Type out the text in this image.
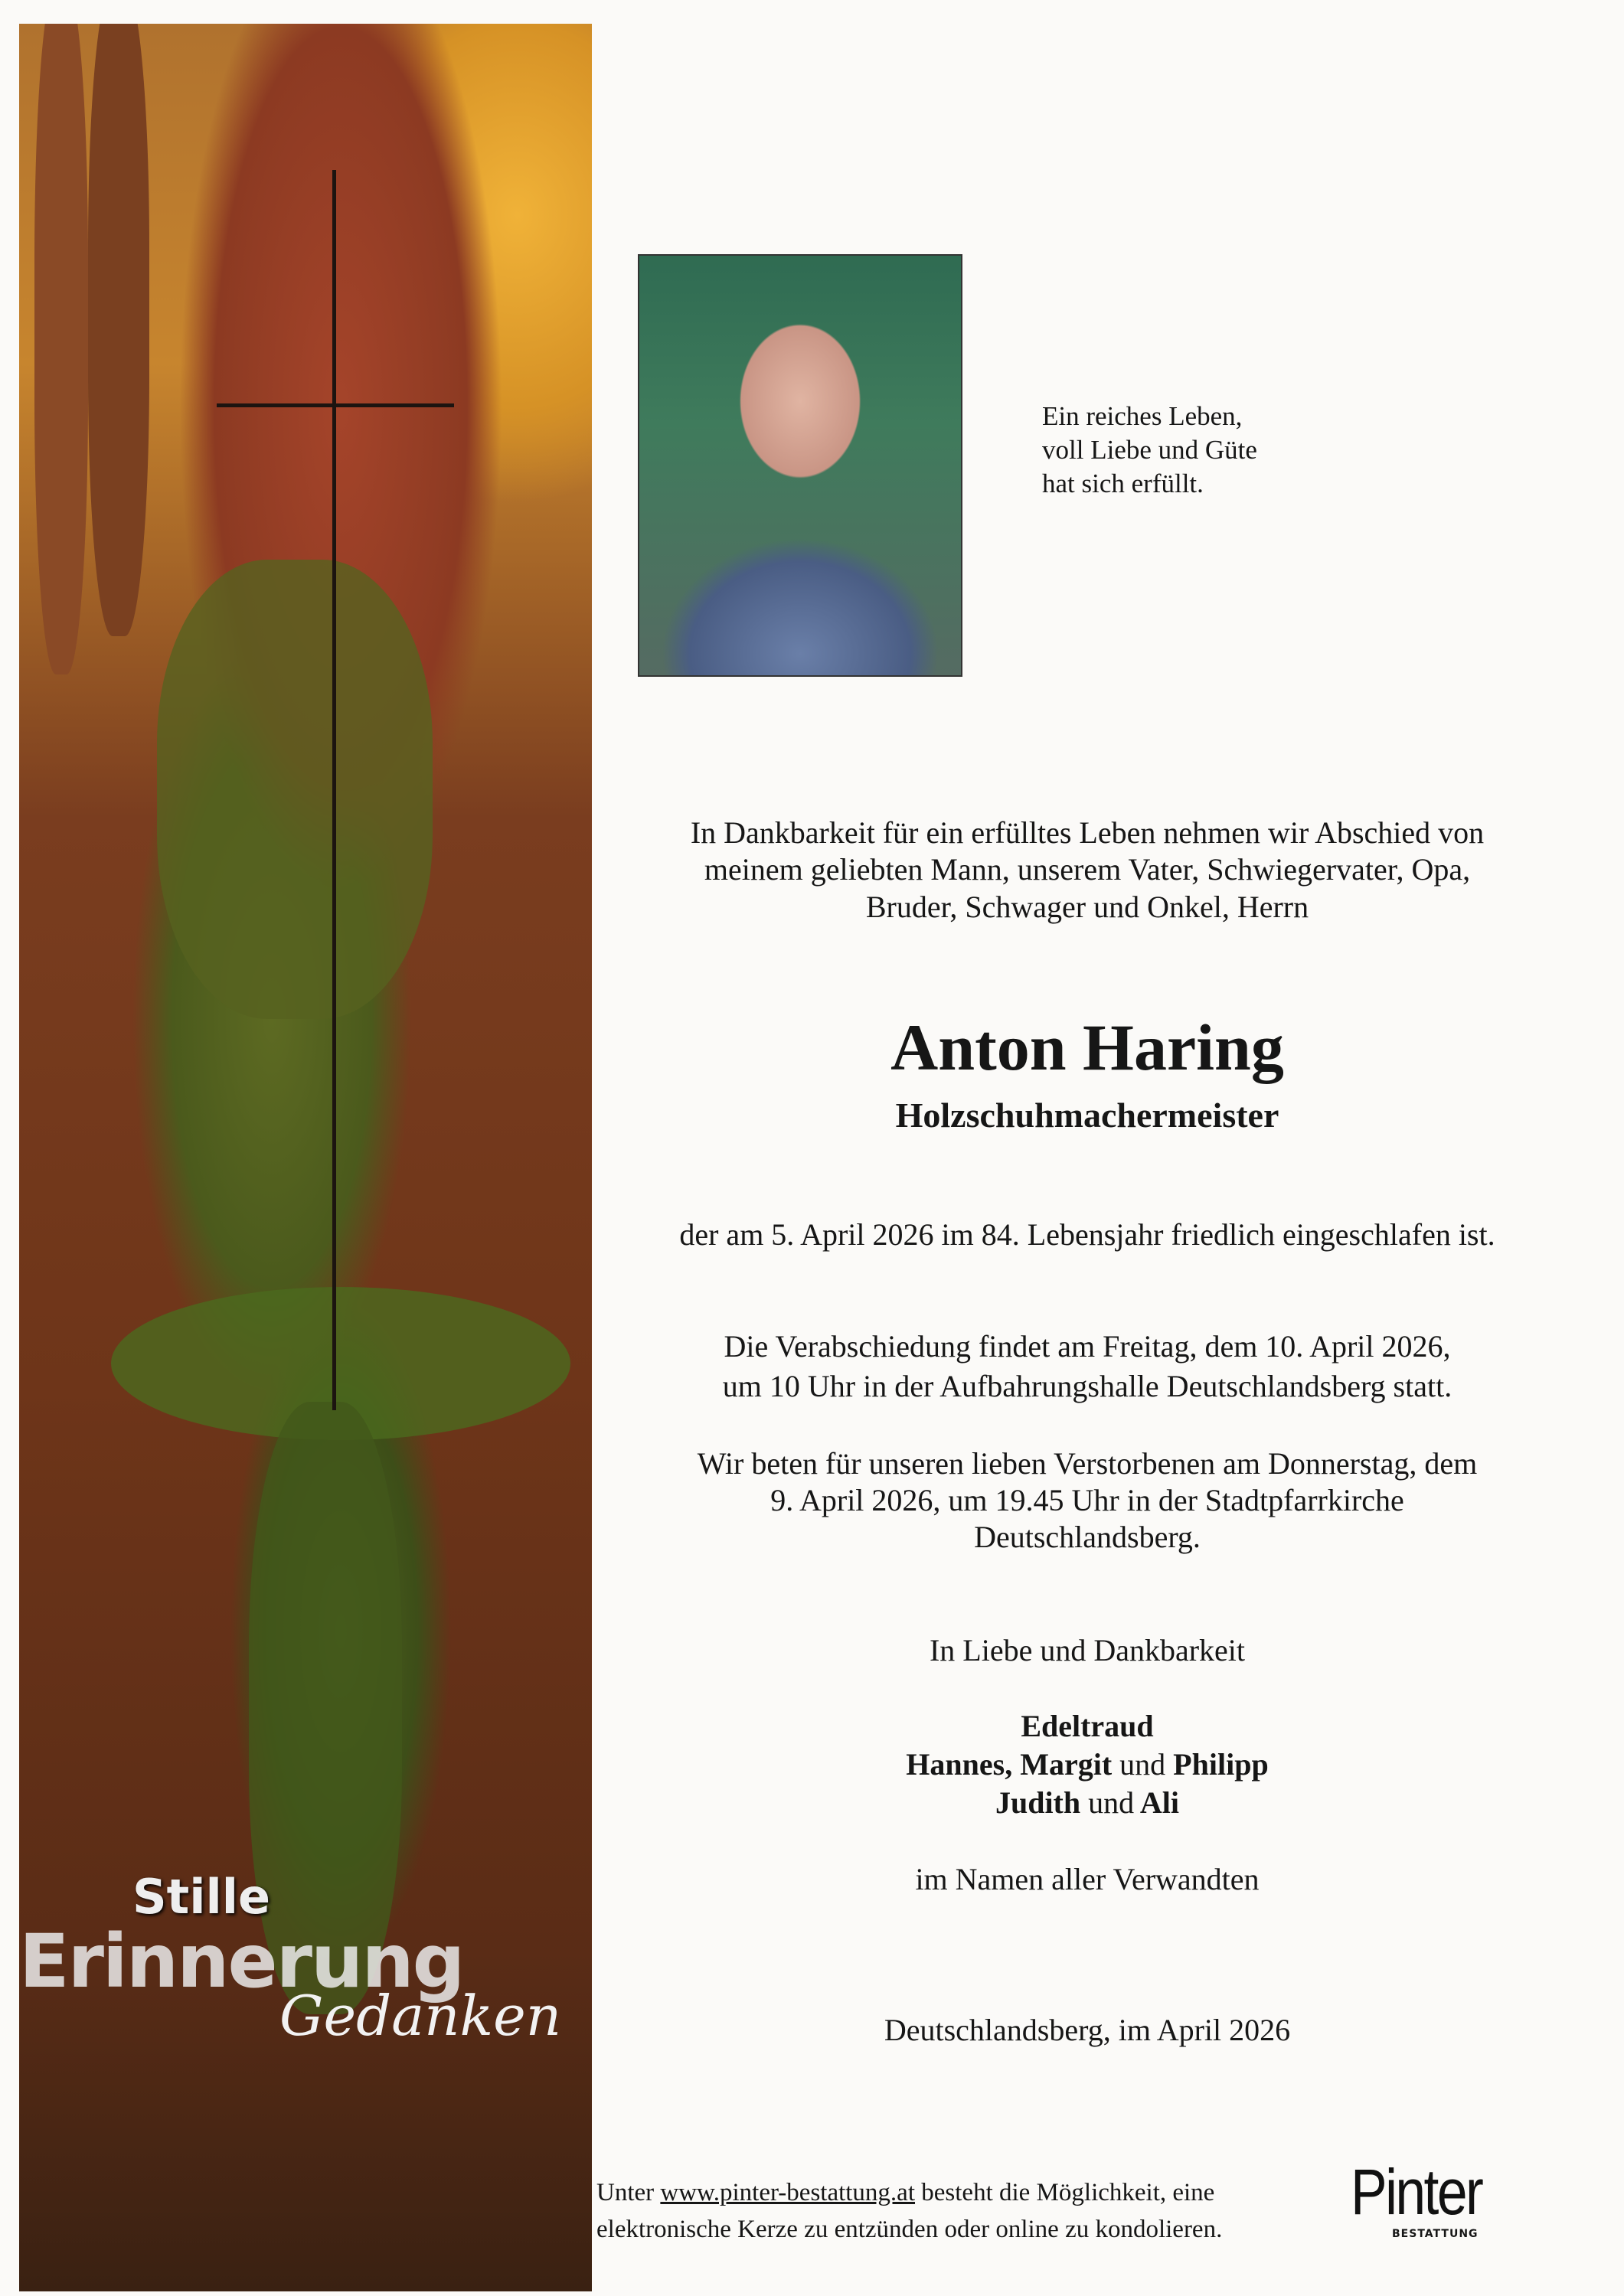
Stille
Erinnerung
Gedanken
Ein reiches Leben,
voll Liebe und Güte
hat sich erfüllt.
In Dankbarkeit für ein erfülltes Leben nehmen wir Abschied von
meinem geliebten Mann, unserem Vater, Schwiegervater, Opa,
Bruder, Schwager und Onkel, Herrn
Anton Haring
Holzschuhmachermeister
der am 5. April 2026 im 84. Lebensjahr friedlich eingeschlafen ist.
Die Verabschiedung findet am Freitag, dem 10. April 2026,
um 10 Uhr in der Aufbahrungshalle Deutschlandsberg statt.
Wir beten für unseren lieben Verstorbenen am Donnerstag, dem
9. April 2026, um 19.45 Uhr in der Stadtpfarrkirche
Deutschlandsberg.
In Liebe und Dankbarkeit
Edeltraud
Hannes, Margit und Philipp
Judith und Ali
im Namen aller Verwandten
Deutschlandsberg, im April 2026
Unter www.pinter-bestattung.at besteht die Möglichkeit, eine
elektronische Kerze zu entzünden oder online zu kondolieren.
Pinter
BESTATTUNG
